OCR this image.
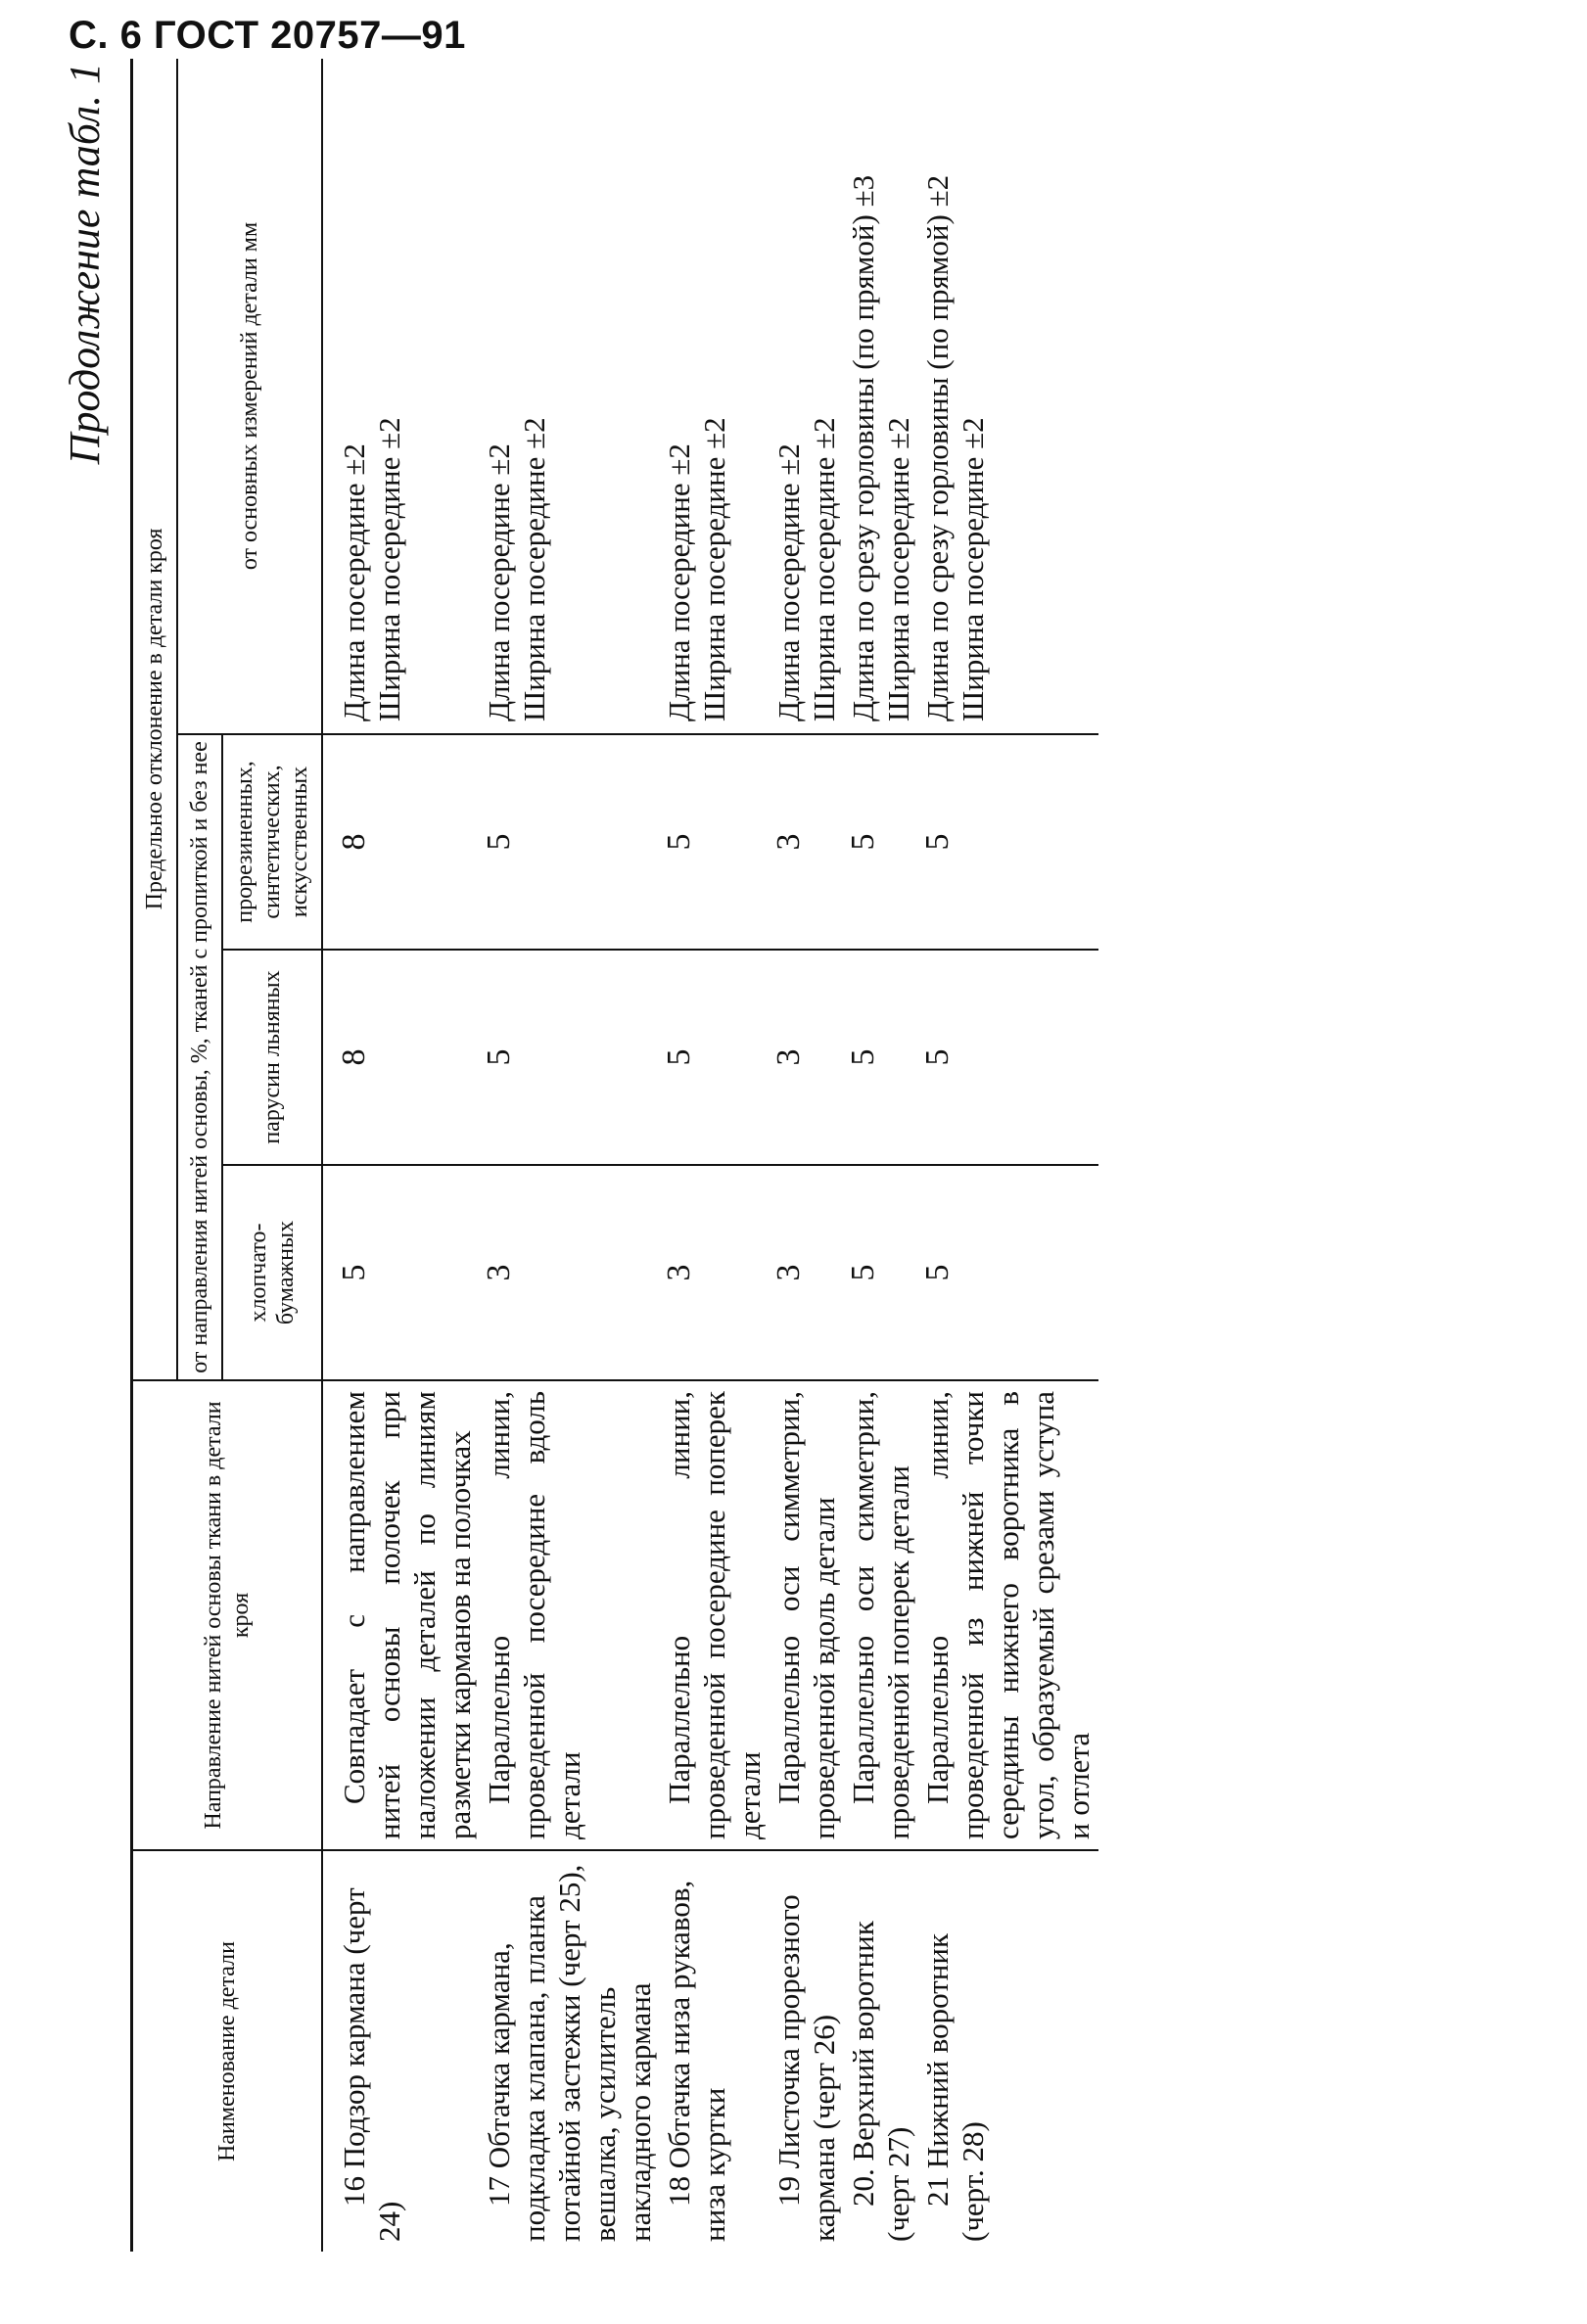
С. 6 ГОСТ 20757—91
Продолжение табл. 1
Наименование детали	Направление нитей основы ткани в детали кроя	Предельное отклонение в детали кроя			
		от направления нитей основы, %, тканей с пропиткой и без нее			от основных измерений детали мм
		хлопчато-бумажных	парусин льняных	прорезиненных, синтетических, искусственных	
16 Подзор кармана (черт 24)	Совпадает с направлением нитей основы полочек при наложении деталей по линиям разметки карманов на полочках	5	8	8	Длина посередине ±2 Ширина посередине ±2

17 Обтачка кармана, подкладка клапана, планка потайной застежки (черт 25), вешалка, усилитель накладного кармана	Параллельно линии, проведенной посередине вдоль детали	3	5	5	Длина посередине ±2 Ширина посередине ±2

18 Обтачка низа рукавов, низа куртки	Параллельно линии, проведенной посередине поперек детали	3	5	5	Длина посередине ±2 Ширина посередине ±2

19 Листочка прорезного кармана (черт 26)	Параллельно оси симметрии, проведенной вдоль детали	3	3	3	Длина посередине ±2 Ширина посередине ±2

20. Верхний воротник (черт 27)	Параллельно оси симметрии, проведенной поперек детали	5	5	5	Длина по срезу горловины (по прямой) ±3 Ширина посередине ±2

21 Нижний воротник (черт. 28)	Параллельно линии, проведенной из нижней точки середины нижнего воротника в угол, образуемый срезами уступа и отлета	5	5	5	Длина по срезу горловины (по прямой) ±2 Ширина посередине ±2
